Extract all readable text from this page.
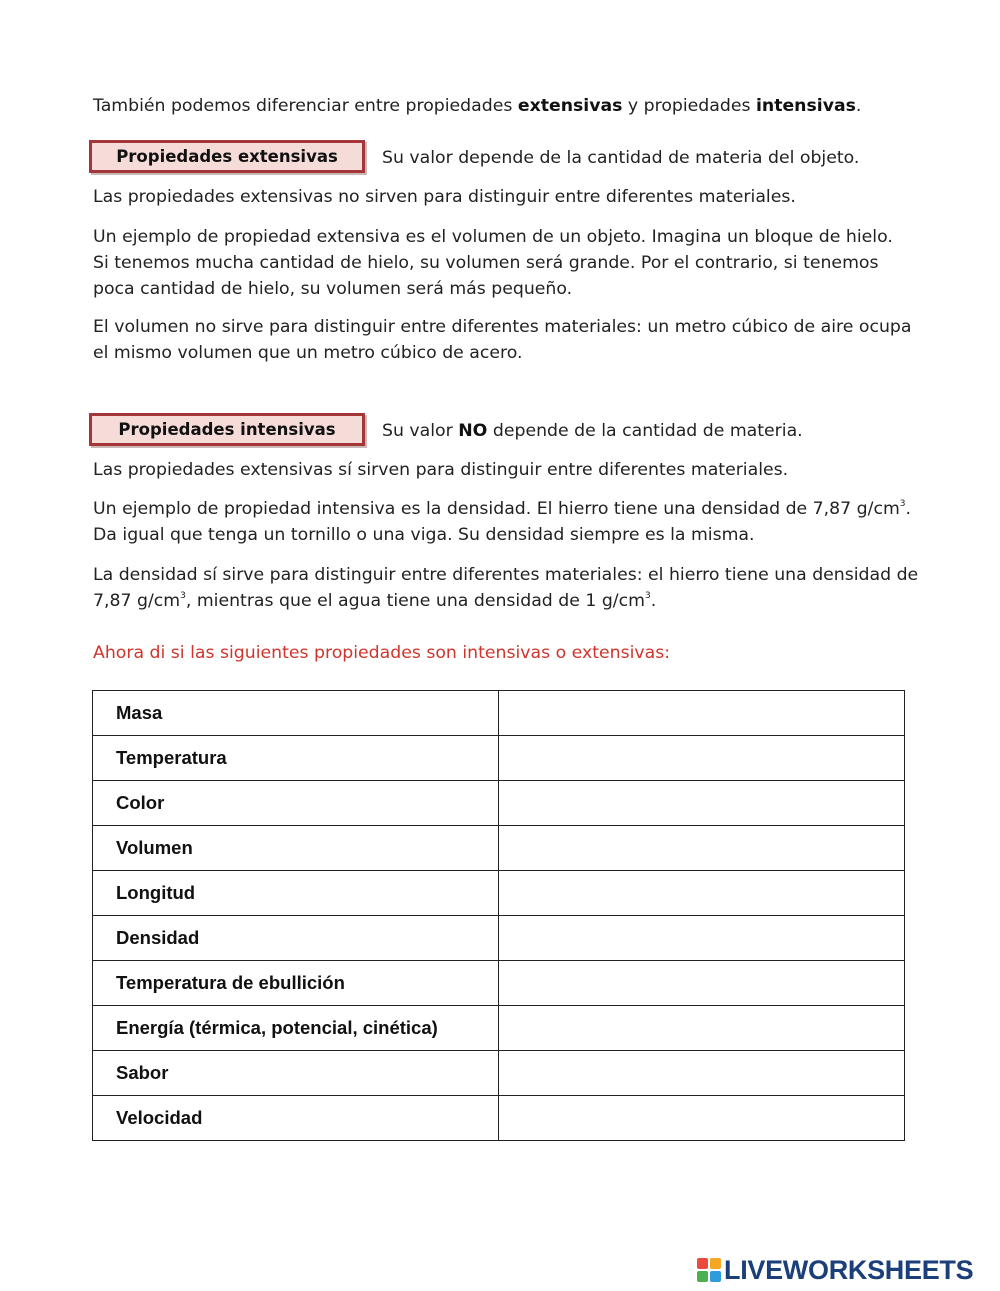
También podemos diferenciar entre propiedades extensivas y propiedades intensivas.

Propiedades extensivas	Su valor depende de la cantidad de materia del objeto.

Las propiedades extensivas no sirven para distinguir entre diferentes materiales.

Un ejemplo de propiedad extensiva es el volumen de un objeto. Imagina un bloque de hielo.
Si tenemos mucha cantidad de hielo, su volumen será grande. Por el contrario, si tenemos
poca cantidad de hielo, su volumen será más pequeño.

El volumen no sirve para distinguir entre diferentes materiales: un metro cúbico de aire ocupa
el mismo volumen que un metro cúbico de acero.

Propiedades intensivas	Su valor NO depende de la cantidad de materia.

Las propiedades extensivas sí sirven para distinguir entre diferentes materiales.

Un ejemplo de propiedad intensiva es la densidad. El hierro tiene una densidad de 7,87 $g/cm^3$.
Da igual que tenga un tornillo o una viga. Su densidad siempre es la misma.

La densidad sí sirve para distinguir entre diferentes materiales: el hierro tiene una densidad de
7,87 $g/cm^3$, mientras que el agua tiene una densidad de 1 $g/cm^3$.

Ahora di si las siguientes propiedades son intensivas o extensivas:
Masa	
Temperatura	
Color	
Volumen	
Longitud	
Densidad	
Temperatura de ebullición	
Energía (térmica, potencial, cinética)	
Sabor	
Velocidad	
LIVEWORKSHEETS
